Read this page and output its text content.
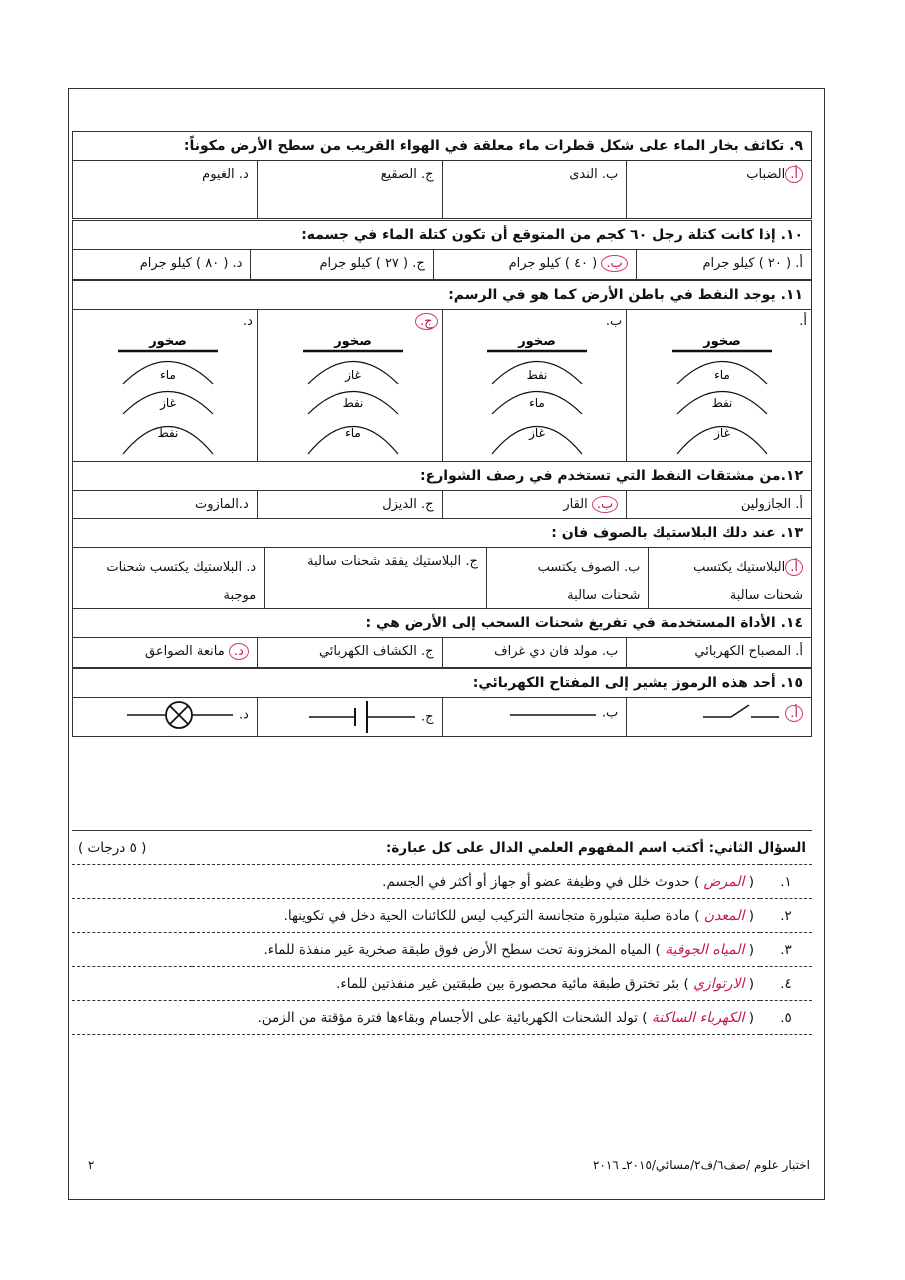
٩. تكاثف بخار الماء على شكل قطرات ماء معلقة في الهواء القريب من سطح الأرض مكوناً:
أ.الضباب	ب. الندى	ج. الصقيع	د. الغيوم
١٠. إذا كانت كتلة رجل ٦٠ كجم من المتوقع أن تكون كتلة الماء في جسمه:
أ. ( ٢٠ ) كيلو جرام	ب. ( ٤٠ ) كيلو جرام	ج. ( ٢٧ ) كيلو جرام	د. ( ٨٠ ) كيلو جرام
١١. يوجد النفط في باطن الأرض كما هو في الرسم:
أ.
صخور
ماء
نفط
غاز

ب.
صخور
نفط
ماء
غاز

ج.
صخور
غاز
نفط
ماء

د.
صخور
ماء
غاز
نفط
١٢.من مشتقات النفط التي تستخدم في رصف الشوارع:
أ. الجازولين	ب. القار	ج. الديزل	د.المازوت
١٣. عند دلك البلاستيك بالصوف فان :
أ.البلاستيك يكتسب شحنات سالبة	ب. الصوف يكتسب شحنات سالبة	ج. البلاستيك يفقد شحنات سالبة	د. البلاستيك يكتسب شحنات موجبة
١٤. الأداة المستخدمة في تفريغ شحنات السحب إلى الأرض هي :
أ. المصباح الكهربائي	ب. مولد فان دي غراف	ج. الكشاف الكهربائي	د. مانعة الصواعق
١٥. أحد هذه الرموز يشير إلى المفتاح الكهربائي:
أ.	ب.	ج.	د.
السؤال الثاني: أكتب اسم المفهوم العلمي الدال على كل عبارة:		( ٥ درجات )
١.	( المرض ) حدوث خلل في وظيفة عضو أو جهاز أو أكثر في الجسم.	
٢.	( المعدن ) مادة صلبة متبلورة متجانسة التركيب ليس للكائنات الحية دخل في تكوينها.	
٣.	( المياه الجوفية ) المياه المخزونة تحت سطح الأرض فوق طبقة صخرية غير منفذة للماء.	
٤.	( الارتوازي ) بئر تخترق طبقة مائية محصورة بين طبقتين غير منفذتين للماء.	
٥.	( الكهرباء الساكنة ) تولد الشحنات الكهربائية على الأجسام وبقاءها فترة مؤقتة من الزمن.	
اختبار علوم /صف٦/ف٢/مسائي/٢٠١٥ـ ٢٠١٦
٢
